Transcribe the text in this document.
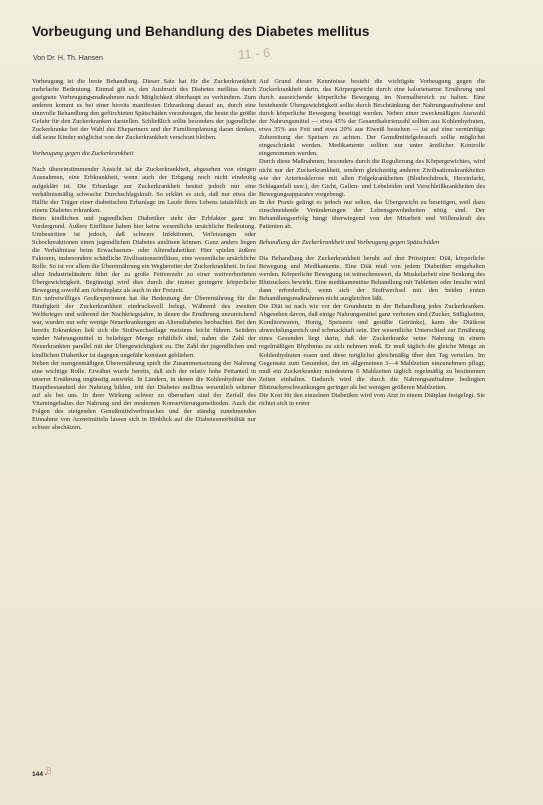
Vorbeugung und Behandlung des Diabetes mellitus
Von Dr. H. Th. Hansen	11 - 6

Vorbeugung ist die beste Behandlung. Dieser Satz hat für die Zuckerkrankheit mehrfache Bedeutung. Einmal gilt es, den Ausbruch des Diabetes mellitus durch geeignete Vorbeugungsmaßnahmen nach Möglichkeit überhaupt zu verhindern. Zum anderen kommt es bei einer bereits manifesten Erkrankung darauf an, durch eine sinnvolle Behandlung den gefürchteten Spätschäden vorzubeugen, die heute die größte Gefahr für den Zuckerkranken darstellen. Schließlich sollte besonders der jugendliche Zuckerkranke bei der Wahl des Ehepartners und der Familienplanung daran denken, daß seine Kinder möglichst von der Zuckerkrankheit verschont bleiben.

Vorbeugung gegen die Zuckerkrankheit

Nach übereinstimmender Ansicht ist die Zuckerkrankheit, abgesehen von einigen Ausnahmen, eine Erbkrankheit, wenn auch der Erbgang noch nicht eindeutig aufgeklärt ist. Die Erbanlage zur Zuckerkrankheit besitzt jedoch nur eine verhältnismäßig schwache Durchschlagskraft. So erklärt es sich, daß nur etwa die Hälfte der Träger einer diabetischen Erbanlage im Laufe ihres Lebens tatsächlich an einem Diabetes erkranken.

Beim kindlichen und jugendlichen Diabetiker steht der Erbfaktor ganz im Vordergrund. Äußere Einflüsse haben hier keine wesentliche ursächliche Bedeutung. Umbestritten ist jedoch, daß schwere Infektionen, Verletzungen oder Schockreaktionen einen jugendlichen Diabetes auslösen können. Ganz anders liegen die Verhältnisse beim Erwachsenen- oder Altersdiabetiker. Hier spielen äußere Faktoren, insbesondere schädliche Zivilisationseinflüsse, eine wesentliche ursächliche Rolle. So ist vor allem die Überernährung ein Wegbereiter der Zuckerkrankheit. In fast allen Industrieländern führt der zu große Fettverzehr zu einer weitverbreiteten Übergewichtigkeit. Begünstigt wird dies durch die immer geringere körperliche Bewegung sowohl am Arbeitsplatz als auch in der Freizeit.

Ein unfreiwilliges Großexperiment hat die Bedeutung der Überernährung für die Häufigkeit der Zuckerkrankheit eindrucksvoll belegt. Während des zweiten Weltkrieges und während der Nachkriegsjahre, in denen die Ernährung unzureichend war, wurden nur sehr wenige Neuerkrankungen an Altersdiabetes beobachtet. Bei den bereits Erkrankten ließ sich die Stoffwechsellage meistens leicht führen. Seitdem wieder Nahrungsmittel in beliebiger Menge erhältlich sind, nahm die Zahl der Neuerkrankten parallel mit der Übergewichtigkeit zu. Die Zahl der jugendlichen und kindlichen Diabetiker ist dagegen ungefähr konstant geblieben.

Neben der mengenmäßigen Überernährung spielt die Zusammensetzung der Nahrung eine wichtige Rolle. Erwähnt wurde bereits, daß sich der relativ hohe Fettanteil in unserer Ernährung ungünstig auswirkt. In Ländern, in denen die Kohlenhydrate den Hauptbestandteil der Nahrung bilden, tritt der Diabetes mellitus wesentlich seltener auf als bei uns. In ihrer Wirkung schwer zu übersehen sind der Zerfall des Vitamingehaltes der Nahrung und der modernen Konservierungsmethoden. Auch die Folgen des steigenden Genußmittelverbrauches und der ständig zunehmenden Einnahme von Arzneimitteln lassen sich in Hinblick auf die Diabetesmorbidität nur schwer abschätzen.

Auf Grund dieser Kenntnisse besteht die wichtigste Vorbeugung gegen die Zuckerkrankheit darin, das Körpergewicht durch eine kalorienarme Ernährung und durch ausreichende körperliche Bewegung im Normalbereich zu halten. Eine bestehende Übergewichtigkeit sollte durch Beschränkung der Nahrungsaufnahme und durch körperliche Bewegung beseitigt werden. Neben einer zweckmäßigen Auswahl der Nahrungsmittel — etwa 45% der Gesamtkalorienzahl sollten aus Kohlenhydraten, etwa 35% aus Fett und etwa 20% aus Eiweiß bestehen — ist auf eine vernünftige Zubereitung der Speisen zu achten. Der Genußmittelgebrauch sollte möglichst eingeschränkt werden. Medikamente sollten nur unter ärztlicher Kontrolle eingenommen werden.

Durch diese Maßnahmen, besonders durch die Regulierung des Körpergewichtes, wird nicht nur der Zuckerkrankheit, sondern gleichzeitig anderen Zivilisationskrankheiten wie der Arteriosklerose mit allen Folgekrankheiten (Bluthochdruck, Herzinfarkt, Schlaganfall usw.), der Gicht, Gallen- und Lebeleiden und Verschleißkrankheiten des Bewegungsapparates vorgebeugt.

In der Praxis gelingt es jedoch nur selten, das Übergewicht zu beseitigen, weil dazu einschneidende Veränderungen der Lebensgewohnheiten nötig sind. Der Behandlungserfolg hängt überwiegend von der Mitarbeit und Willenskraft des Patienten ab.

Behandlung der Zuckerkrankheit und Vorbeugung gegen Spätschäden

Die Behandlung der Zuckerkrankheit beruht auf drei Prinzipien: Diät, körperliche Bewegung und Medikamente. Eine Diät muß von jedem Diabetiker eingehalten werden. Körperliche Bewegung ist wünschenswert, da Muskelarbeit eine Senkung des Blutzuckers bewirkt. Eine medikamentöse Behandlung mit Tabletten oder Insulin wird dann erforderlich, wenn sich der Stoffwechsel mit den beiden ersten Behandlungsmaßnahmen nicht ausgleichen läßt.

Die Diät ist nach wie vor der Grundstein in der Behandlung jedes Zuckerkranken. Abgesehen davon, daß einige Nahrungsmittel ganz verboten sind (Zucker, Süßigkeiten, Konditorwaren, Honig, Speiseeis und gesüßte Getränke), kann die Diätkost abwechslungsreich und schmackhaft sein. Der wesentliche Unterschied zur Ernährung eines Gesunden liegt darin, daß der Zuckerkranke seine Nahrung in einem regelmäßigen Rhythmus zu sich nehmen muß. Er muß täglich die gleiche Menge an Kohlenhydraten essen und diese möglichst gleichmäßig über den Tag verteilen. Im Gegensatz zum Gesunden, der im allgemeinen 3—4 Mahlzeiten einzunehmen pflegt, muß ein Zuckerkranker mindestens 6 Mahlzeiten täglich regelmäßig zu bestimmten Zeiten einhalten. Dadurch wird die durch die Nahrungsaufnahme bedingten Blutzuckerschwankungen geringer als bei wenigen größeren Mahlzeiten.

Die Kost für den einzelnen Diabetiker wird vom Arzt in einem Diätplan festgelegt. Sie richtet sich in erster

144 -
8
